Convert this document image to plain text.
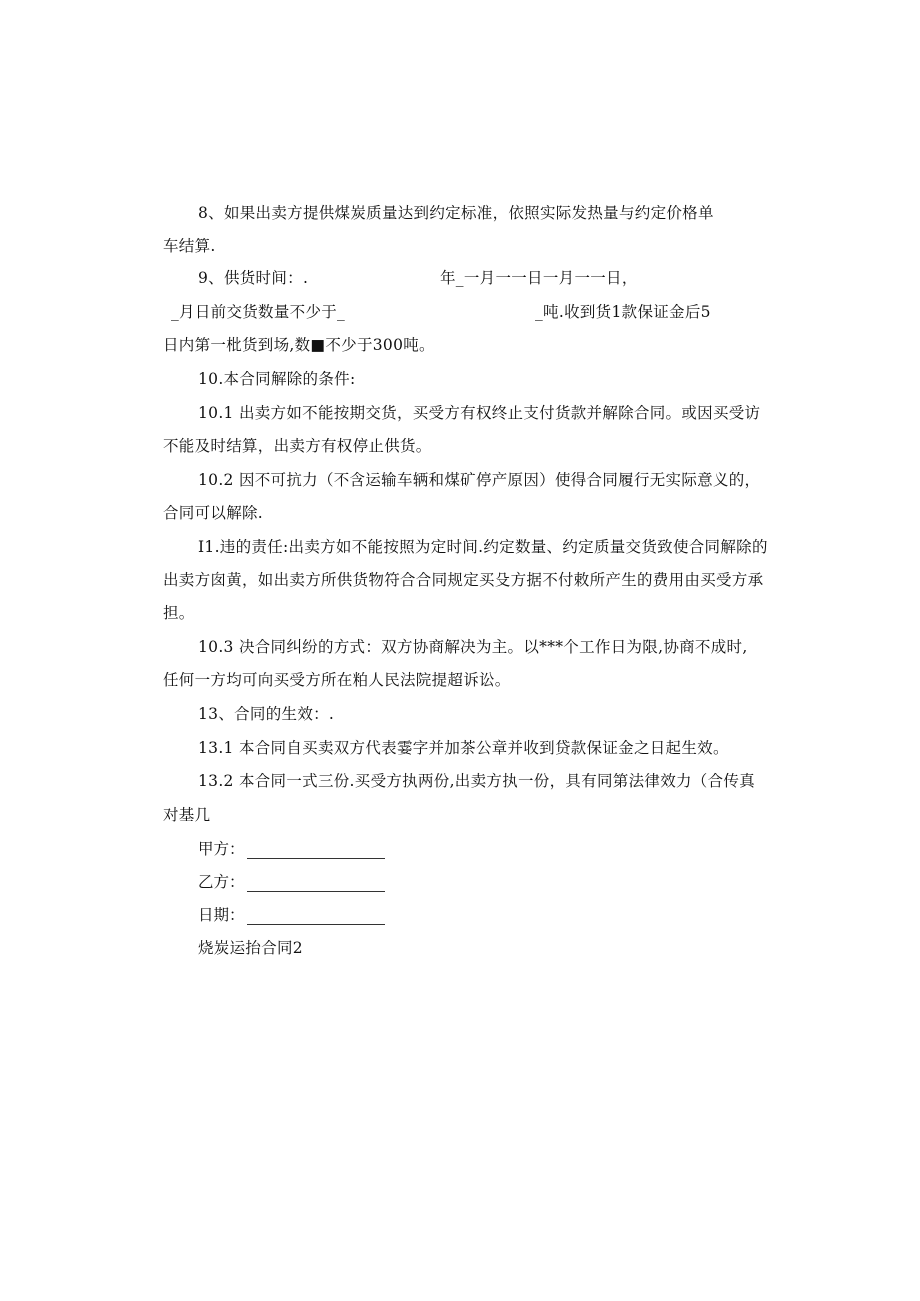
8、如果出卖方提供煤炭质量达到约定标准，依照实际发热量与约定价格单
车结算.
9、供货时间：.	年_一月一一日一月一一日，
_月日前交货数量不少于_	_吨.收到货1款保证金后5
日内第一枇货到场,数■不少于300吨。
10.本合同解除的条件:
10.1 出卖方如不能按期交货，买受方有权终止支付货款并解除合同。或因买受访
不能及时结算，出卖方有权停止供货。
10.2 因不可抗力（不含运输车辆和煤矿停产原因）使得合同履行无实际意义的，
合同可以解除.
I1.违的责任:出卖方如不能按照为定时间.约定数量、约定质量交货致使合同解除的
出卖方囱黄，如出卖方所供货物符合合同规定买殳方据不付敕所产生的费用由买受方承
担。
10.3 决合同纠纷的方式：双方协商解决为主。以***个工作日为限,协商不成时,
任何一方均可向买受方所在粕人民法院提超诉讼。
13、合同的生效：.
13.1 本合同自买卖双方代表霎字并加茶公章并收到贷款保证金之日起生效。
13.2 本合同一式三份.买受方执两份,出卖方执一份，具有同第法律效力（合传真
对基几
甲方：
乙方：
日期：
烧炭运抬合同2
